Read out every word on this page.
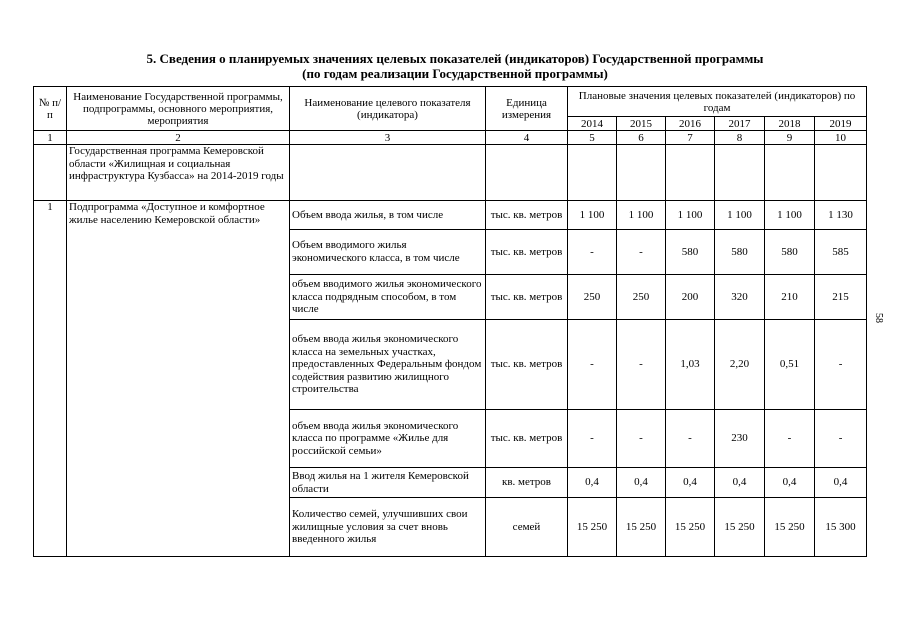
5. Сведения о планируемых значениях целевых показателей (индикаторов) Государственной программы
(по годам реализации Государственной программы)
58
№ п/п	Наименование Государственной программы, подпрограммы, основного мероприятия, мероприятия	Наименование целевого показателя (индикатора)	Единица измерения	Плановые значения целевых показателей (индикаторов) по годам					
				2014	2015	2016	2017	2018	2019
1	2	3	4	5	6	7	8	9	10
	Государственная программа Кемеровской области «Жилищная и социальная инфраструктура Кузбасса» на 2014-2019 годы								
1	Подпрограмма «Доступное и комфортное жилье населению Кемеровской области»	Объем ввода жилья, в том числе	тыс. кв. метров	1 100	1 100	1 100	1 100	1 100	1 130
		Объем вводимого жилья экономического класса, в том числе	тыс. кв. метров	-	-	580	580	580	585
		объем вводимого жилья экономического класса подрядным способом, в том числе	тыс. кв. метров	250	250	200	320	210	215
		объем ввода жилья экономического класса на земельных участках, предоставленных Федеральным фондом содействия развитию жилищного строительства	тыс. кв. метров	-	-	1,03	2,20	0,51	-
		объем ввода жилья экономического класса по программе «Жилье для российской семьи»	тыс. кв. метров	-	-	-	230	-	-
		Ввод жилья на 1 жителя Кемеровской области	кв. метров	0,4	0,4	0,4	0,4	0,4	0,4
		Количество семей, улучшивших свои жилищные условия за счет вновь введенного жилья	семей	15 250	15 250	15 250	15 250	15 250	15 300
